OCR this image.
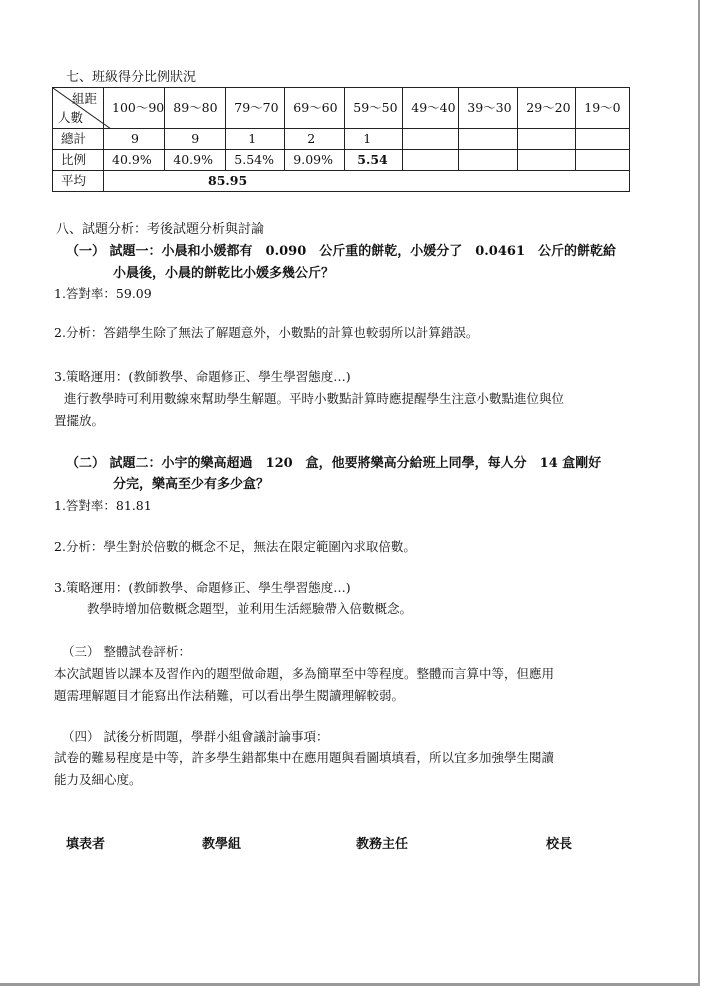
七、班級得分比例狀況
組距
人數	100～90	89～80	79～70	69～60	59～50	49～40	39～30	29～20	19～0

總計	9	9	1	2	1				
比例	40.9%	40.9%	5.54%	9.09%	5.54				
平均	85.95								
八、試題分析：考後試題分析與討論
（一） 試題一：小晨和小媛都有　0.090　公斤重的餅乾，小媛分了　0.0461　公斤的餅乾給
小晨後，小晨的餅乾比小媛多幾公斤？
1.答對率：59.09
2.分析：答錯學生除了無法了解題意外，小數點的計算也較弱所以計算錯誤。
3.策略運用：(教師教學、命題修正、學生學習態度…)
進行教學時可利用數線來幫助學生解題。平時小數點計算時應提醒學生注意小數點進位與位
置擺放。
（二） 試題二：小宇的樂高超過　120　盒，他要將樂高分給班上同學，每人分　14 盒剛好
分完，樂高至少有多少盒？
1.答對率：81.81
2.分析：學生對於倍數的概念不足，無法在限定範圍內求取倍數。
3.策略運用：(教師教學、命題修正、學生學習態度…)
教學時增加倍數概念題型，並利用生活經驗帶入倍數概念。
（三） 整體試卷評析：
本次試題皆以課本及習作內的題型做命題，多為簡單至中等程度。整體而言算中等，但應用
題需理解題目才能寫出作法稍難，可以看出學生閱讀理解較弱。
（四） 試後分析問題，學群小組會議討論事項：
試卷的難易程度是中等，許多學生錯都集中在應用題與看圖填填看，所以宜多加強學生閱讀
能力及細心度。
填表者	教學組	教務主任	校長
